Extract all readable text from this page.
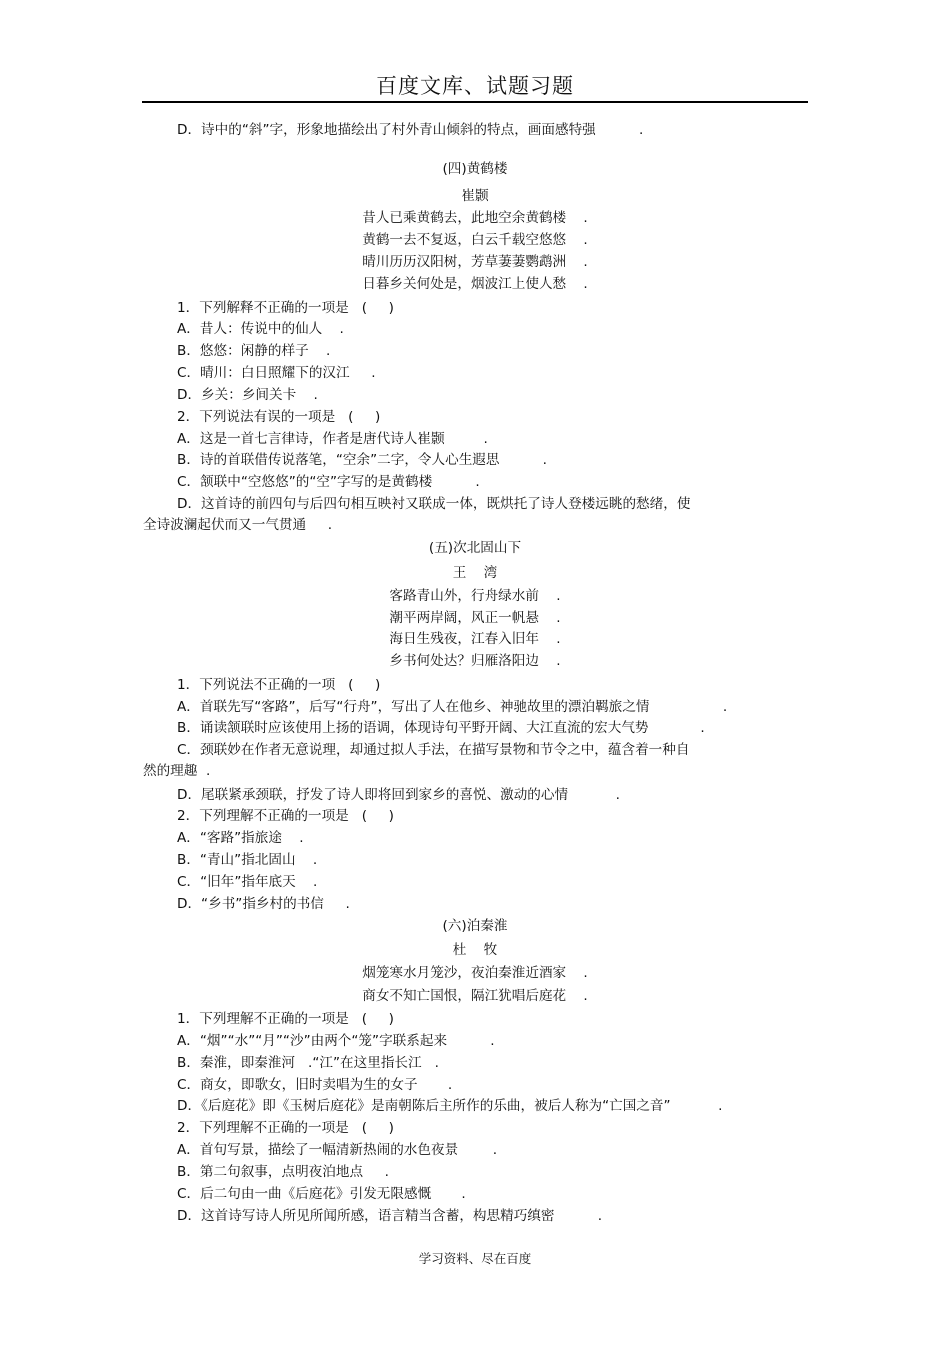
百度文库、试题习题
D．诗中的“斜”字，形象地描绘出了村外青山倾斜的特点，画面感特强          .
(四)黄鹤楼
崔颢
昔人已乘黄鹤去，此地空余黄鹤楼    .
黄鹤一去不复返，白云千载空悠悠    .
晴川历历汉阳树，芳草萋萋鹦鹉洲    .
日暮乡关何处是，烟波江上使人愁    .
1．下列解释不正确的一项是   (     )
A．昔人：传说中的仙人    .
B．悠悠：闲静的样子    .
C．晴川：白日照耀下的汉江     .
D．乡关：乡间关卡    .
2．下列说法有误的一项是   (     )
A．这是一首七言律诗，作者是唐代诗人崔颢         .
B．诗的首联借传说落笔，“空余”二字，令人心生遐思          .
C．颔联中“空悠悠”的“空”字写的是黄鹤楼          .
D．这首诗的前四句与后四句相互映衬又联成一体，既烘托了诗人登楼远眺的愁绪，使
全诗波澜起伏而又一气贯通     .
(五)次北固山下
王    湾
客路青山外，行舟绿水前    .
潮平两岸阔，风正一帆悬    .
海日生残夜，江春入旧年    .
乡书何处达？归雁洛阳边    .
1．下列说法不正确的一项   (     )
A．首联先写“客路”，后写“行舟”，写出了人在他乡、神驰故里的漂泊羁旅之情                 .
B．诵读颔联时应该使用上扬的语调，体现诗句平野开阔、大江直流的宏大气势            .
C．颈联妙在作者无意说理，却通过拟人手法，在描写景物和节令之中，蕴含着一种自
然的理趣  .
D．尾联紧承颈联，抒发了诗人即将回到家乡的喜悦、激动的心情           .
2．下列理解不正确的一项是   (     )
A．“客路”指旅途    .
B．“青山”指北固山    .
C．“旧年”指年底天    .
D．“乡书”指乡村的书信     .
(六)泊秦淮
杜    牧
烟笼寒水月笼沙，夜泊秦淮近酒家    .
商女不知亡国恨，隔江犹唱后庭花    .
1．下列理解不正确的一项是   (     )
A．“烟”“水”“月”“沙”由两个“笼”字联系起来          .
B．秦淮，即秦淮河   .“江”在这里指长江   .
C．商女，即歌女，旧时卖唱为生的女子       .
D．《后庭花》即《玉树后庭花》是南朝陈后主所作的乐曲，被后人称为“亡国之音”           .
2．下列理解不正确的一项是   (     )
A．首句写景，描绘了一幅清新热闹的水色夜景        .
B．第二句叙事，点明夜泊地点     .
C．后二句由一曲《后庭花》引发无限感慨       .
D．这首诗写诗人所见所闻所感，语言精当含蓄，构思精巧缜密          .
学习资料、尽在百度
